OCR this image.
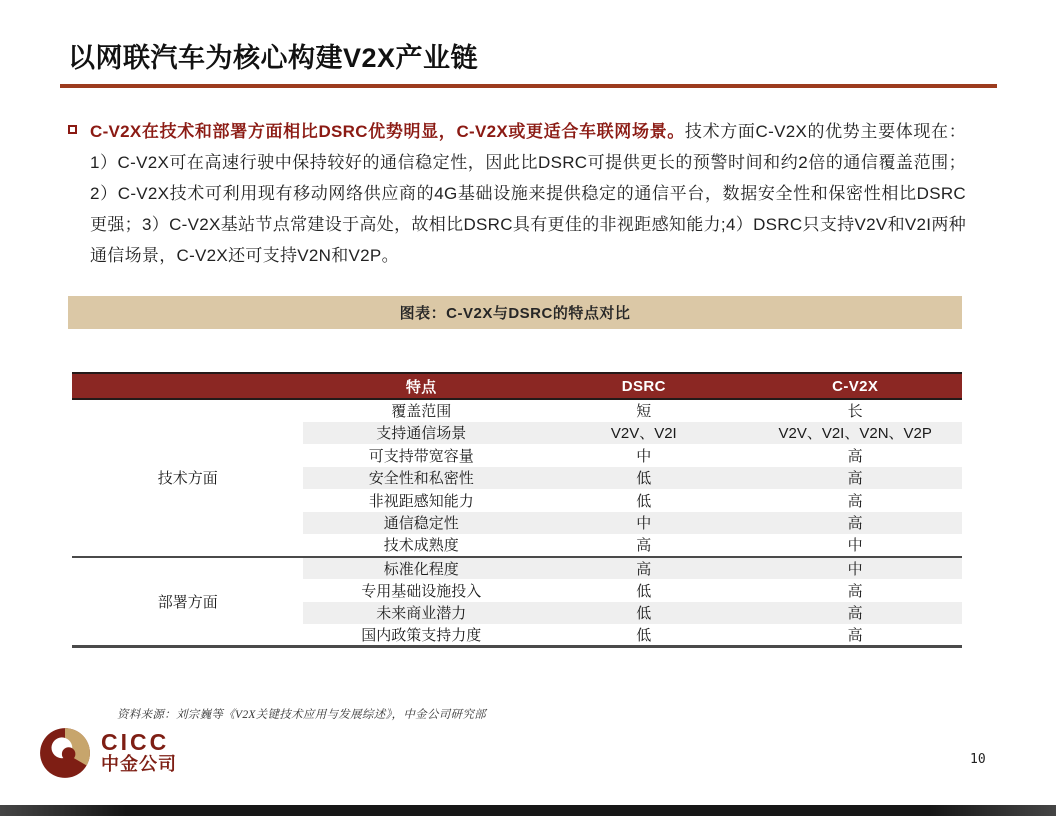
以网联汽车为核心构建V2X产业链
C-V2X在技术和部署方面相比DSRC优势明显，C-V2X或更适合车联网场景。技术方面C-V2X的优势主要体现在：1）C-V2X可在高速行驶中保持较好的通信稳定性，因此比DSRC可提供更长的预警时间和约2倍的通信覆盖范围；2）C-V2X技术可利用现有移动网络供应商的4G基础设施来提供稳定的通信平台，数据安全性和保密性相比DSRC更强；3）C-V2X基站节点常建设于高处，故相比DSRC具有更佳的非视距感知能力;4）DSRC只支持V2V和V2I两种通信场景，C-V2X还可支持V2N和V2P。
图表：C-V2X与DSRC的特点对比
	特点	DSRC	C-V2X
技术方面	覆盖范围	短	长
	支持通信场景	V2V、V2I	V2V、V2I、V2N、V2P
	可支持带宽容量	中	高
	安全性和私密性	低	高
	非视距感知能力	低	高
	通信稳定性	中	高
	技术成熟度	高	中
部署方面	标准化程度	高	中
	专用基础设施投入	低	高
	未来商业潜力	低	高
	国内政策支持力度	低	高
资料来源：刘宗巍等《V2X关键技术应用与发展综述》，中金公司研究部
CICC
中金公司	10
